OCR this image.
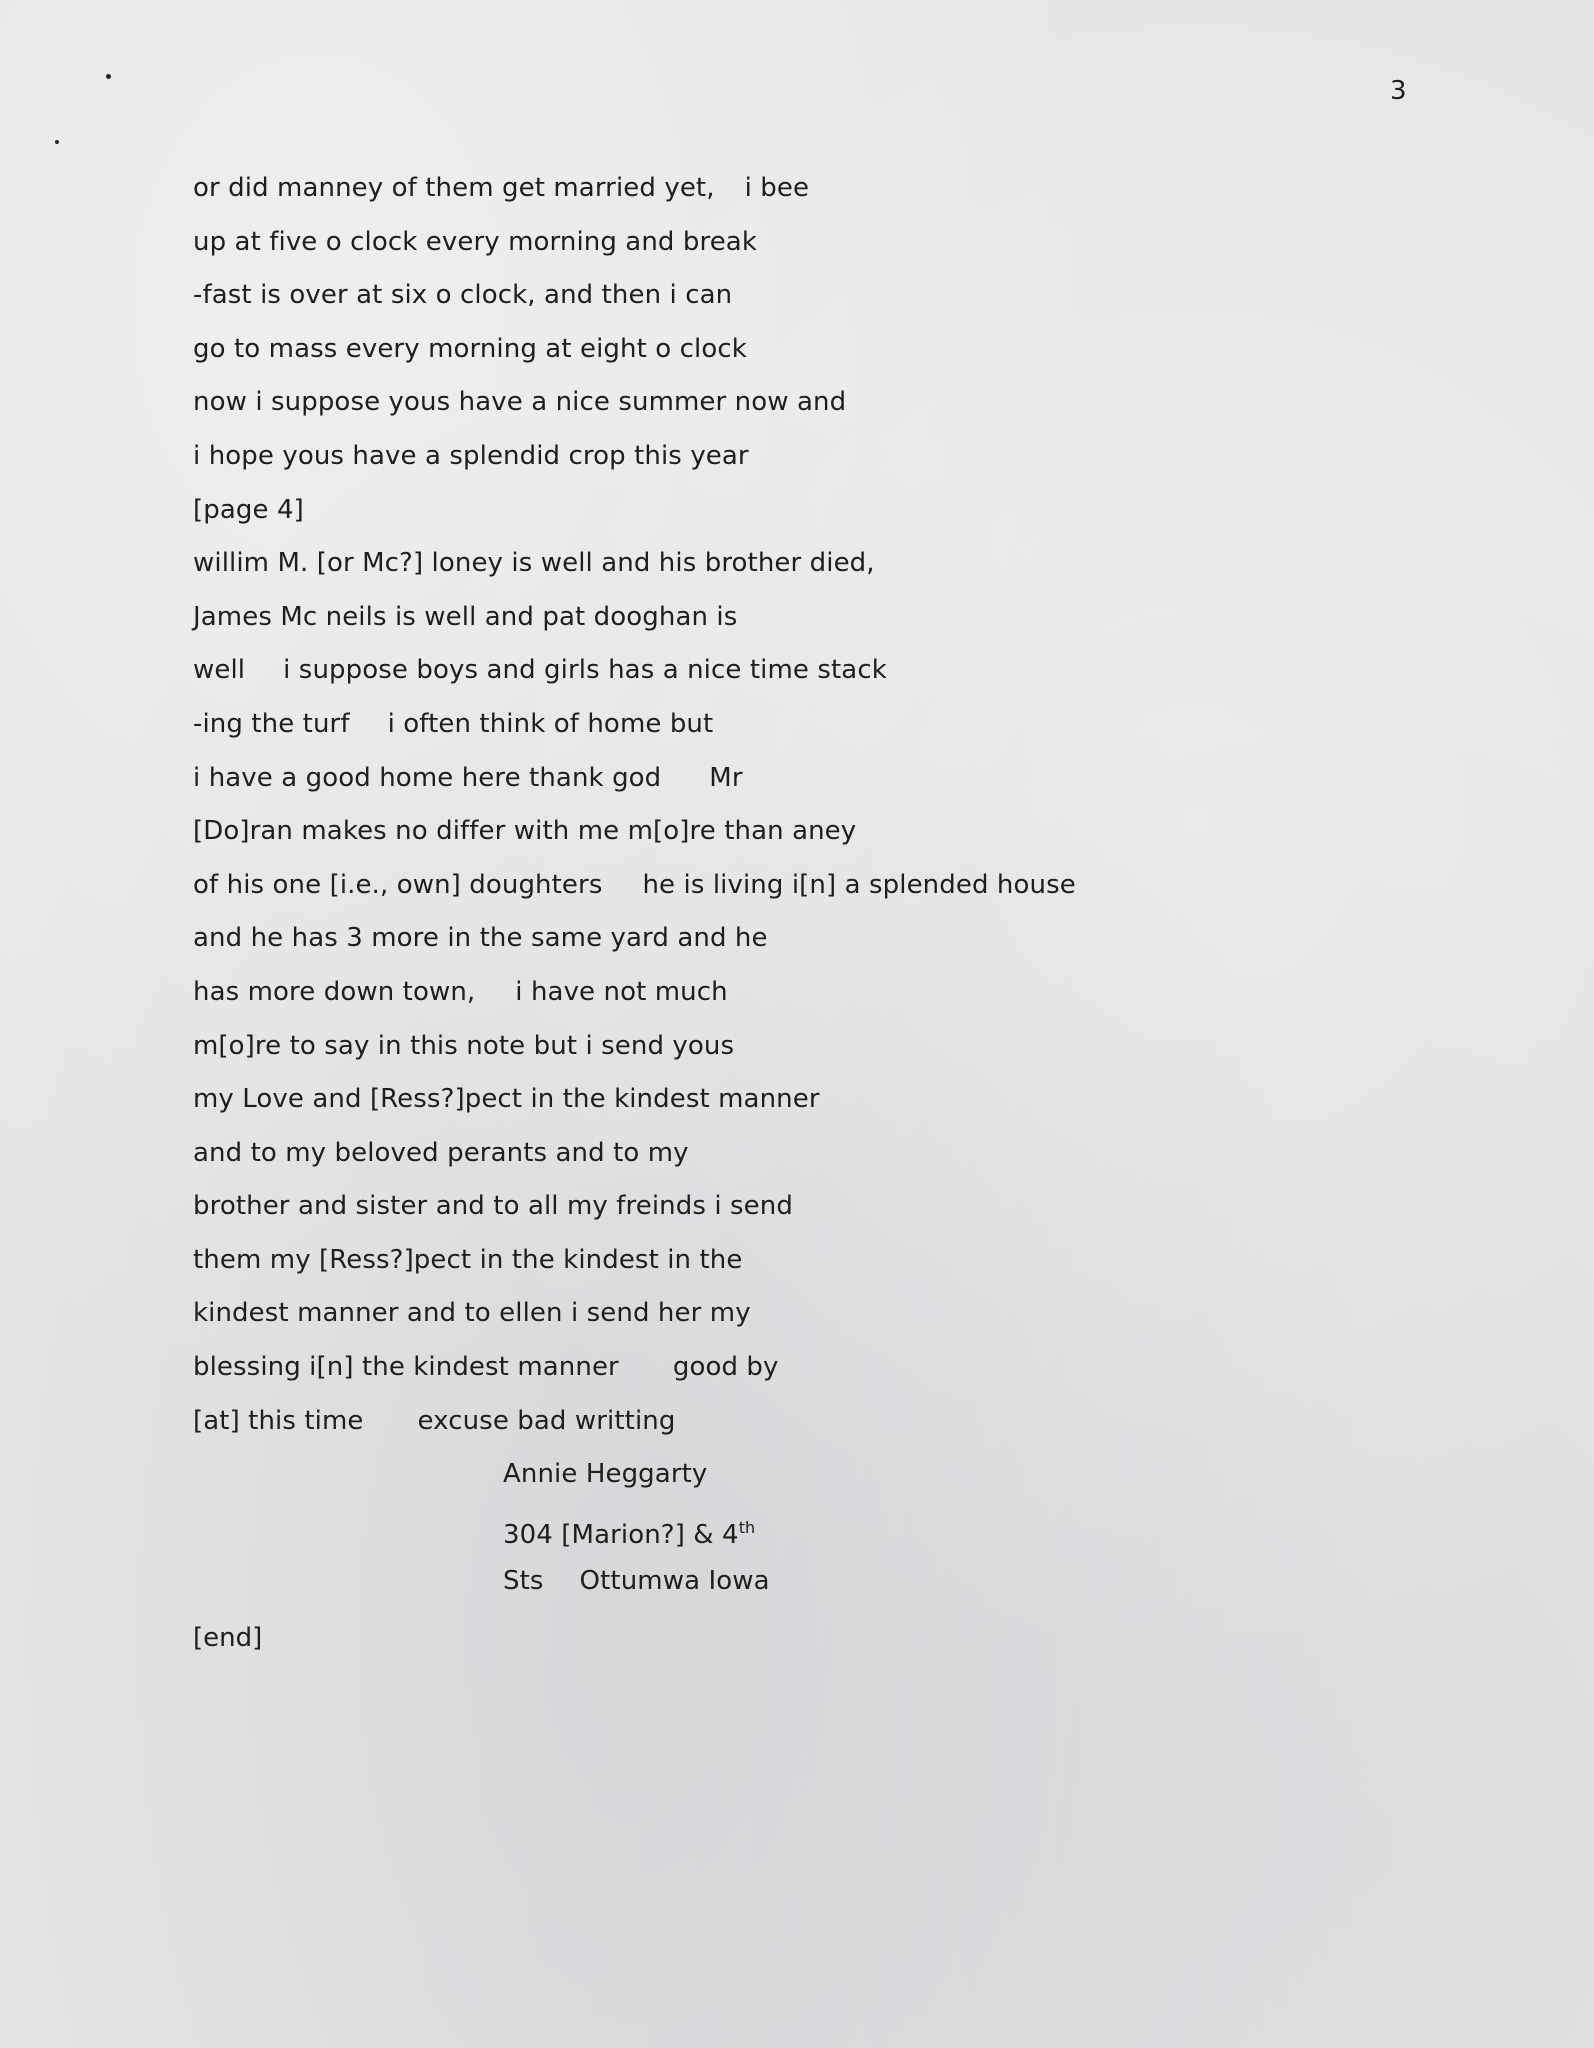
3
or did manney of them get married yet, i bee
up at five o clock every morning and break
-fast is over at six o clock, and then i can
go to mass every morning at eight o clock
now i suppose yous have a nice summer now and
i hope yous have a splendid crop this year
[page 4]
willim M. [or Mc?] loney is well and his brother died,
James Mc neils is well and pat dooghan is
well i suppose boys and girls has a nice time stack
-ing the turf i often think of home but
i have a good home here thank god Mr
[Do]ran makes no differ with me m[o]re than aney
of his one [i.e., own] doughters he is living i[n] a splended house
and he has 3 more in the same yard and he
has more down town, i have not much
m[o]re to say in this note but i send yous
my Love and [Ress?]pect in the kindest manner
and to my beloved perants and to my
brother and sister and to all my freinds i send
them my [Ress?]pect in the kindest in the
kindest manner and to ellen i send her my
blessing i[n] the kindest manner good by
[at] this time excuse bad writting
Annie Heggarty
304 [Marion?] & 4th
Sts Ottumwa Iowa
[end]
